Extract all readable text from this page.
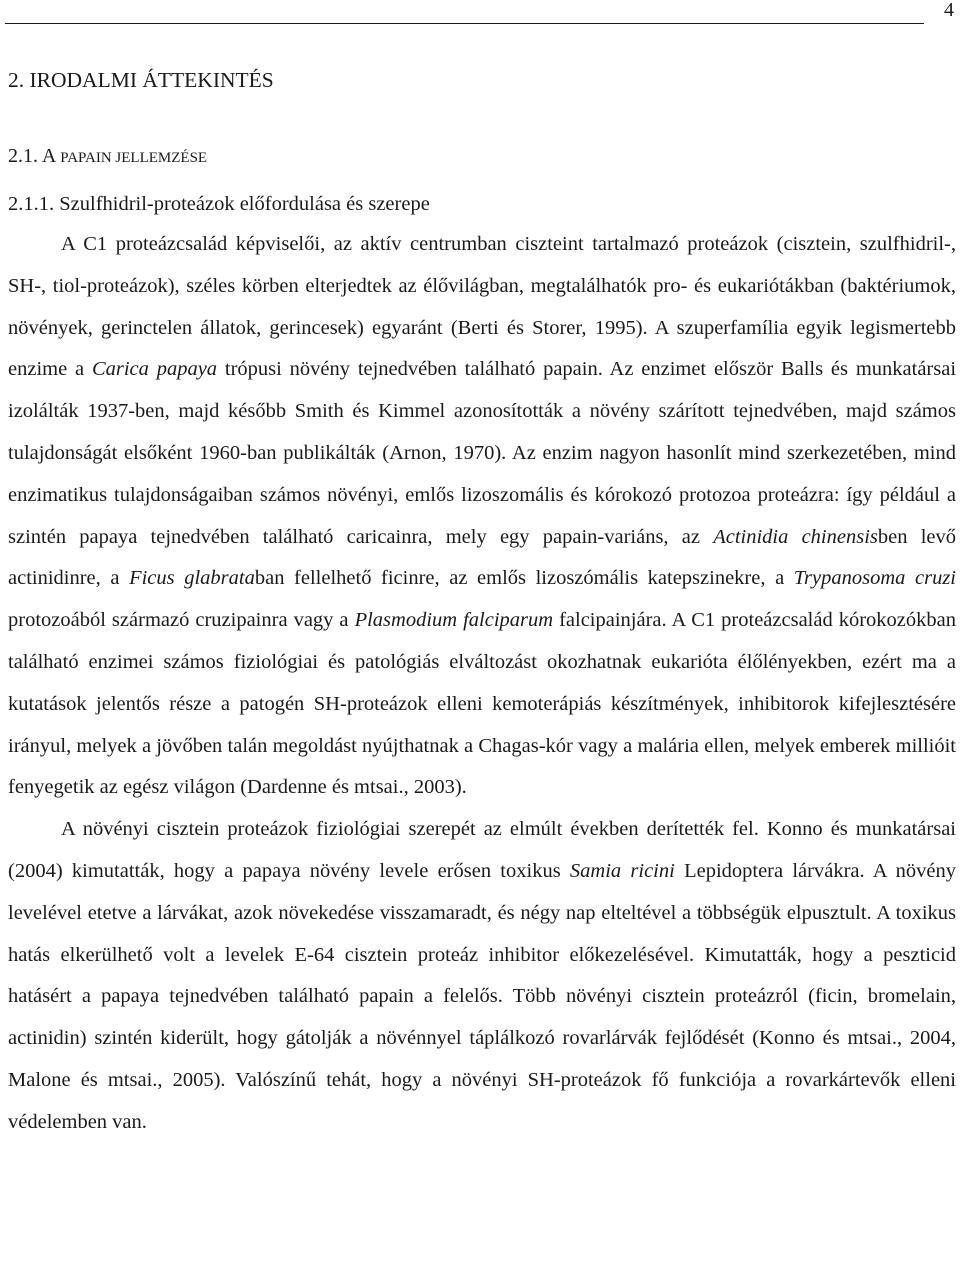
4
2. IRODALMI ÁTTEKINTÉS
2.1. A PAPAIN JELLEMZÉSE
2.1.1. Szulfhidril-proteázok előfordulása és szerepe

A C1 proteázcsalád képviselői, az aktív centrumban ciszteint tartalmazó proteázok (cisztein, szulfhidril-, SH-, tiol-proteázok), széles körben elterjedtek az élővilágban, megtalálhatók pro- és eukariótákban (baktériumok, növények, gerinctelen állatok, gerincesek) egyaránt (Berti és Storer, 1995). A szuperfamília egyik legismertebb enzime a Carica papaya trópusi növény tejnedvében található papain. Az enzimet először Balls és munkatársai izolálták 1937-ben, majd később Smith és Kimmel azonosították a növény szárított tejnedvében, majd számos tulajdonságát elsőként 1960-ban publikálták (Arnon, 1970). Az enzim nagyon hasonlít mind szerkezetében, mind enzimatikus tulajdonságaiban számos növényi, emlős lizoszomális és kórokozó protozoa proteázra: így például a szintén papaya tejnedvében található caricainra, mely egy papain-variáns, az Actinidia chinensisben levő actinidinre, a Ficus glabrataban fellelhető ficinre, az emlős lizoszómális katepszinekre, a Trypanosoma cruzi protozoából származó cruzipainra vagy a Plasmodium falciparum falcipainjára. A C1 proteázcsalád kórokozókban található enzimei számos fiziológiai és patológiás elváltozást okozhatnak eukarióta élőlényekben, ezért ma a kutatások jelentős része a patogén SH-proteázok elleni kemoterápiás készítmények, inhibitorok kifejlesztésére irányul, melyek a jövőben talán megoldást nyújthatnak a Chagas-kór vagy a malária ellen, melyek emberek millióit fenyegetik az egész világon (Dardenne és mtsai., 2003).

A növényi cisztein proteázok fiziológiai szerepét az elmúlt években derítették fel. Konno és munkatársai (2004) kimutatták, hogy a papaya növény levele erősen toxikus Samia ricini Lepidoptera lárvákra. A növény levelével etetve a lárvákat, azok növekedése visszamaradt, és négy nap elteltével a többségük elpusztult. A toxikus hatás elkerülhető volt a levelek E-64 cisztein proteáz inhibitor előkezelésével. Kimutatták, hogy a peszticid hatásért a papaya tejnedvében található papain a felelős. Több növényi cisztein proteázról (ficin, bromelain, actinidin) szintén kiderült, hogy gátolják a növénnyel táplálkozó rovarlárvák fejlődését (Konno és mtsai., 2004, Malone és mtsai., 2005). Valószínű tehát, hogy a növényi SH-proteázok fő funkciója a rovarkártevők elleni védelemben van.
